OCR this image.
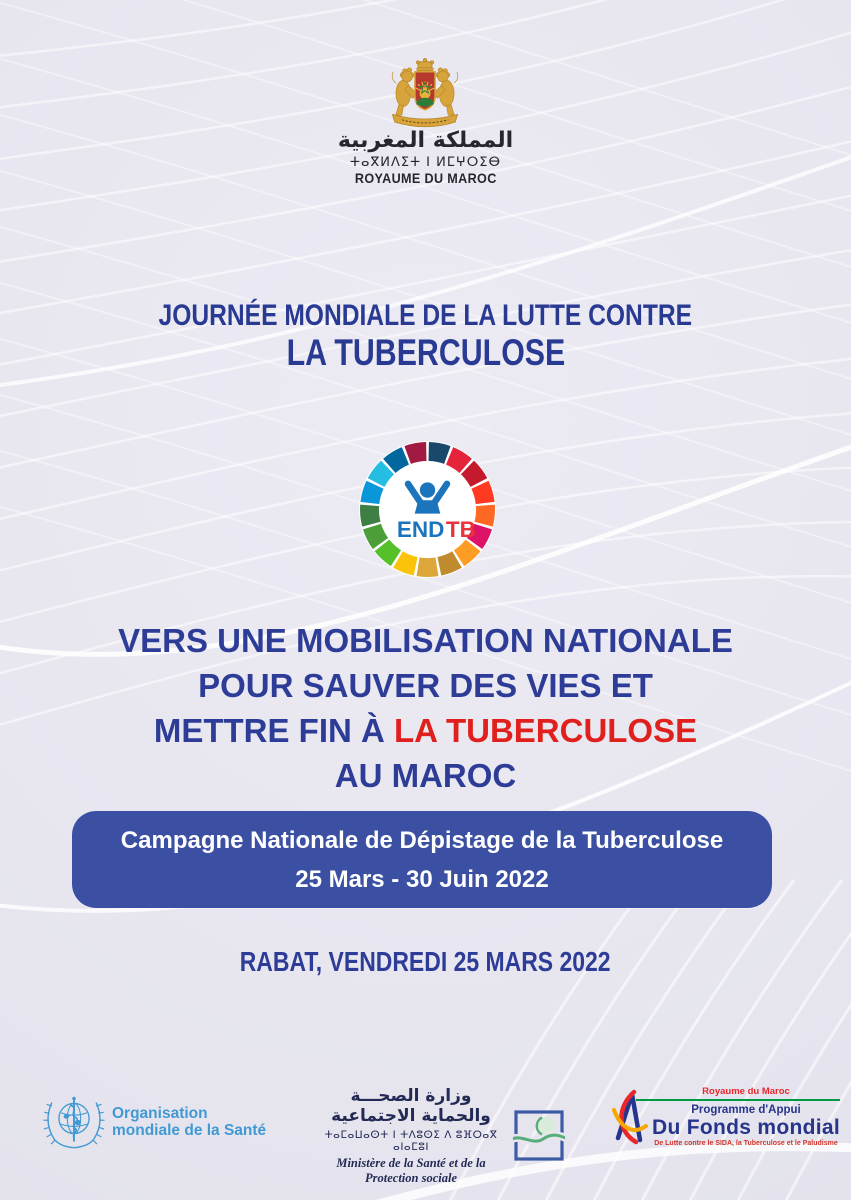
المملكة المغربية
ⵜⴰⴳⵍⴷⵉⵜ ⵏ ⵍⵎⵖⵔⵉⴱ
ROYAUME DU MAROC
JOURNÉE MONDIALE DE LA LUTTE CONTRE
LA TUBERCULOSE
END TB
VERS UNE MOBILISATION NATIONALE
POUR SAUVER DES VIES ET
METTRE FIN À LA TUBERCULOSE
AU MAROC
Campagne Nationale de Dépistage de la Tuberculose
25 Mars - 30 Juin 2022
RABAT, VENDREDI 25 MARS 2022
Organisation
mondiale de la Santé
وزارة الصحـــة والحماية الاجتماعية
ⵜⴰⵎⴰⵡⴰⵙⵜ ⵏ ⵜⴷⵓⵙⵉ ⴷ ⵓⴼⵔⴰⴳ ⴰⵏⴰⵎⵓⵏ
Ministère de la Santé et de la Protection sociale
Royaume du Maroc
Programme d'Appui
Du Fonds mondial
De Lutte contre le SIDA, la Tuberculose et le Paludisme
